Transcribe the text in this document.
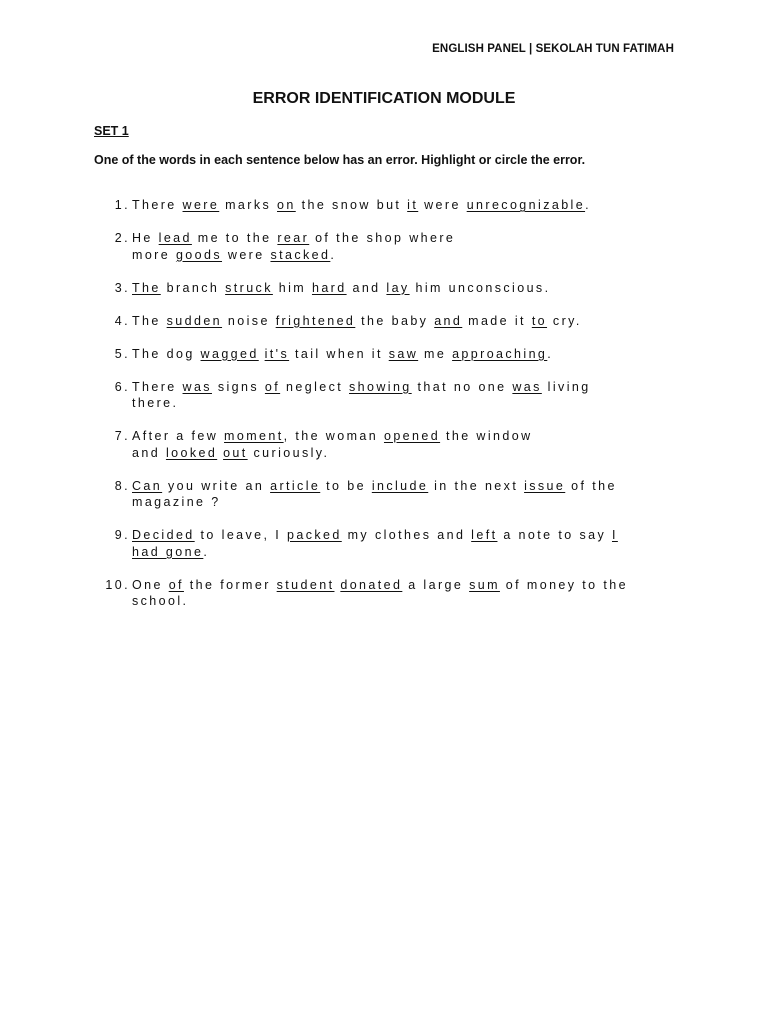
ENGLISH PANEL | SEKOLAH TUN FATIMAH
ERROR IDENTIFICATION MODULE
SET 1
One of the words in each sentence below has an error. Highlight or circle the error.
1. There were marks on the snow but it were unrecognizable.
2. He lead me to the rear of the shop where
more goods were stacked.
3. The branch struck him hard and lay him unconscious.
4. The sudden noise frightened the baby and made it to cry.
5. The dog wagged it's tail when it saw me approaching.
6. There was signs of neglect showing that no one was living
there.
7. After a few moment, the woman opened the window
and looked out curiously.
8. Can you write an article to be include in the next issue of the
magazine ?
9. Decided to leave, I packed my clothes and left a note to say I
had gone.
10. One of the former student donated a large sum of money to the
school.
